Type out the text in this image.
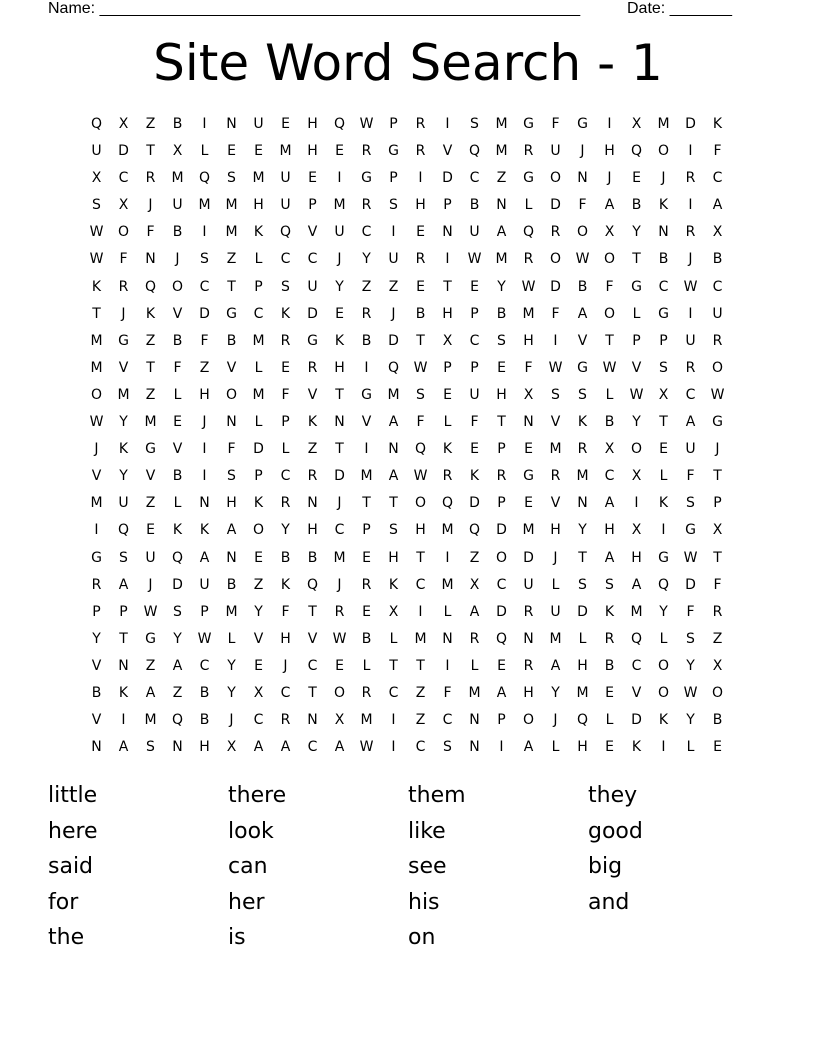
Name: ______________________________________________________	Date: _______
Site Word Search - 1
Q	X	Z	B	I	N	U	E	H	Q	W	P	R	I	S	M	G	F	G	I	X	M	D	K
U	D	T	X	L	E	E	M	H	E	R	G	R	V	Q	M	R	U	J	H	Q	O	I	F
X	C	R	M	Q	S	M	U	E	I	G	P	I	D	C	Z	G	O	N	J	E	J	R	C
S	X	J	U	M	M	H	U	P	M	R	S	H	P	B	N	L	D	F	A	B	K	I	A
W	O	F	B	I	M	K	Q	V	U	C	I	E	N	U	A	Q	R	O	X	Y	N	R	X
W	F	N	J	S	Z	L	C	C	J	Y	U	R	I	W	M	R	O	W	O	T	B	J	B
K	R	Q	O	C	T	P	S	U	Y	Z	Z	E	T	E	Y	W	D	B	F	G	C	W	C
T	J	K	V	D	G	C	K	D	E	R	J	B	H	P	B	M	F	A	O	L	G	I	U
M	G	Z	B	F	B	M	R	G	K	B	D	T	X	C	S	H	I	V	T	P	P	U	R
M	V	T	F	Z	V	L	E	R	H	I	Q	W	P	P	E	F	W	G	W	V	S	R	O
O	M	Z	L	H	O	M	F	V	T	G	M	S	E	U	H	X	S	S	L	W	X	C	W
W	Y	M	E	J	N	L	P	K	N	V	A	F	L	F	T	N	V	K	B	Y	T	A	G
J	K	G	V	I	F	D	L	Z	T	I	N	Q	K	E	P	E	M	R	X	O	E	U	J
V	Y	V	B	I	S	P	C	R	D	M	A	W	R	K	R	G	R	M	C	X	L	F	T
M	U	Z	L	N	H	K	R	N	J	T	T	O	Q	D	P	E	V	N	A	I	K	S	P
I	Q	E	K	K	A	O	Y	H	C	P	S	H	M	Q	D	M	H	Y	H	X	I	G	X
G	S	U	Q	A	N	E	B	B	M	E	H	T	I	Z	O	D	J	T	A	H	G	W	T
R	A	J	D	U	B	Z	K	Q	J	R	K	C	M	X	C	U	L	S	S	A	Q	D	F
P	P	W	S	P	M	Y	F	T	R	E	X	I	L	A	D	R	U	D	K	M	Y	F	R
Y	T	G	Y	W	L	V	H	V	W	B	L	M	N	R	Q	N	M	L	R	Q	L	S	Z
V	N	Z	A	C	Y	E	J	C	E	L	T	T	I	L	E	R	A	H	B	C	O	Y	X
B	K	A	Z	B	Y	X	C	T	O	R	C	Z	F	M	A	H	Y	M	E	V	O	W	O
V	I	M	Q	B	J	C	R	N	X	M	I	Z	C	N	P	O	J	Q	L	D	K	Y	B
N	A	S	N	H	X	A	A	C	A	W	I	C	S	N	I	A	L	H	E	K	I	L	E
little	there	them	they
here	look	like	good
said	can	see	big
for	her	his	and
the	is	on
